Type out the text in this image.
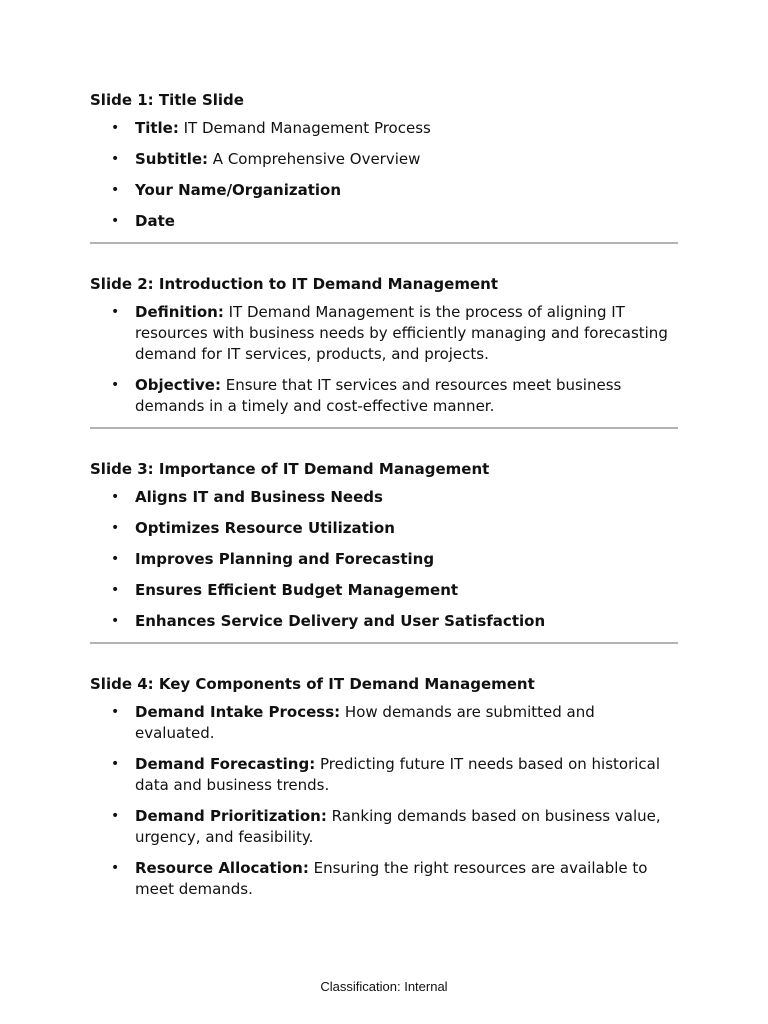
Slide 1: Title Slide
• Title: IT Demand Management Process
• Subtitle: A Comprehensive Overview
• Your Name/Organization
• Date
Slide 2: Introduction to IT Demand Management
• Definition: IT Demand Management is the process of aligning IT resources with business needs by efficiently managing and forecasting demand for IT services, products, and projects.
• Objective: Ensure that IT services and resources meet business demands in a timely and cost-effective manner.
Slide 3: Importance of IT Demand Management
• Aligns IT and Business Needs
• Optimizes Resource Utilization
• Improves Planning and Forecasting
• Ensures Efficient Budget Management
• Enhances Service Delivery and User Satisfaction
Slide 4: Key Components of IT Demand Management
• Demand Intake Process: How demands are submitted and evaluated.
• Demand Forecasting: Predicting future IT needs based on historical data and business trends.
• Demand Prioritization: Ranking demands based on business value, urgency, and feasibility.
• Resource Allocation: Ensuring the right resources are available to meet demands.
Classification: Internal
